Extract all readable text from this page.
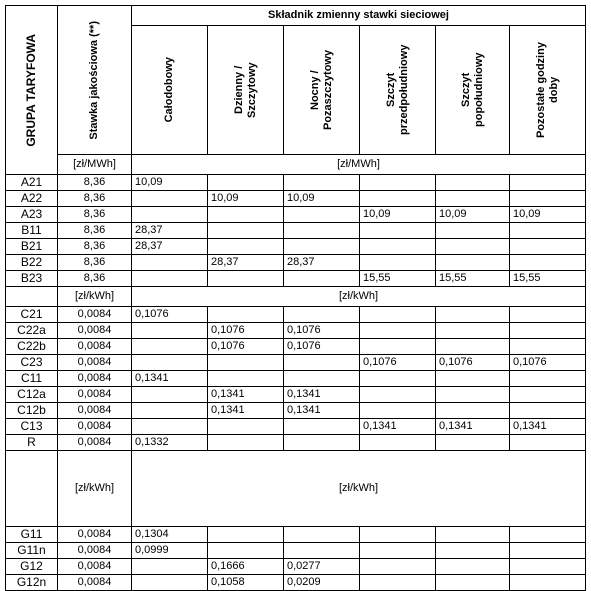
GRUPA TARYFOWA	Stawka jakościowa (**)	Składnik zmienny stawki sieciowej					

		Całodobowy	Dzienny / Szczytowy	Nocny / Pozaszczytowy	Szczyt przedpołudniowy	Szczyt popołudniowy	Pozostałe godziny doby

	[zł/MWh]	[zł/MWh]					
A21	8,36	10,09					
A22	8,36		10,09	10,09			
A23	8,36				10,09	10,09	10,09
B11	8,36	28,37					
B21	8,36	28,37					
B22	8,36		28,37	28,37			
B23	8,36				15,55	15,55	15,55
	[zł/kWh]	[zł/kWh]					
C21	0,0084	0,1076					
C22a	0,0084		0,1076	0,1076			
C22b	0,0084		0,1076	0,1076			
C23	0,0084				0,1076	0,1076	0,1076
C11	0,0084	0,1341					
C12a	0,0084		0,1341	0,1341			
C12b	0,0084		0,1341	0,1341			
C13	0,0084				0,1341	0,1341	0,1341
R	0,0084	0,1332					
	[zł/kWh]	[zł/kWh]					
G11	0,0084	0,1304					
G11n	0,0084	0,0999					
G12	0,0084		0,1666	0,0277			
G12n	0,0084		0,1058	0,0209			
